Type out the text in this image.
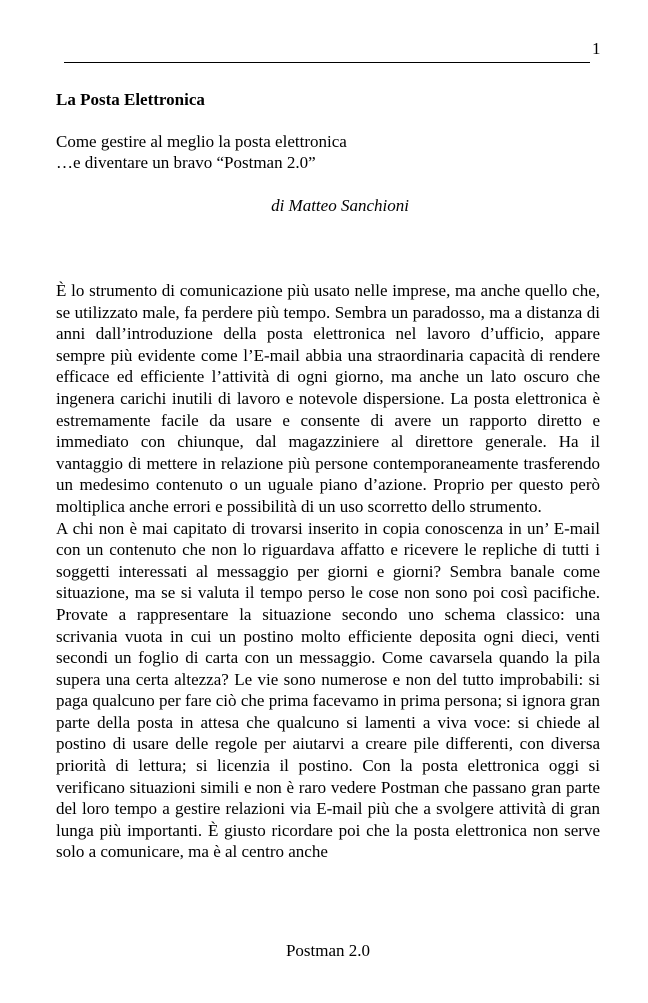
1
La Posta Elettronica
Come gestire al meglio la posta elettronica
…e diventare un bravo “Postman 2.0”
di Matteo Sanchioni

È lo strumento di comunicazione più usato nelle imprese, ma anche quello che, se utilizzato male, fa perdere più tempo. Sembra un paradosso, ma a distanza di anni dall’introduzione della posta elettronica nel lavoro d’ufficio, appare sempre più evidente come l’E-mail abbia una straordinaria capacità di rendere efficace ed efficiente l’attività di ogni giorno, ma anche un lato oscuro che ingenera carichi inutili di lavoro e notevole dispersione. La posta elettronica è estremamente facile da usare e consente di avere un rapporto diretto e immediato con chiunque, dal magazziniere al direttore generale. Ha il vantaggio di mettere in relazione più persone contemporaneamente trasferendo un medesimo contenuto o un uguale piano d’azione. Proprio per questo però moltiplica anche errori e possibilità di un uso scorretto dello strumento.

A chi non è mai capitato di trovarsi inserito in copia conoscenza in un’ E-mail con un contenuto che non lo riguardava affatto e ricevere le repliche di tutti i soggetti interessati al messaggio per giorni e giorni? Sembra banale come situazione, ma se si valuta il tempo perso le cose non sono poi così pacifiche. Provate a rappresentare la situazione secondo uno schema classico: una scrivania vuota in cui un postino molto efficiente deposita ogni dieci, venti secondi un foglio di carta con un messaggio. Come cavarsela quando la pila supera una certa altezza? Le vie sono numerose e non del tutto improbabili: si paga qualcuno per fare ciò che prima facevamo in prima persona; si ignora gran parte della posta in attesa che qualcuno si lamenti a viva voce: si chiede al postino di usare delle regole per aiutarvi a creare pile differenti, con diversa priorità di lettura; si licenzia il postino. Con la posta elettronica oggi si verificano situazioni simili e non è raro vedere Postman che passano gran parte del loro tempo a gestire relazioni via E-mail più che a svolgere attività di gran lunga più importanti. È giusto ricordare poi che la posta elettronica non serve solo a comunicare, ma è al centro anche

Postman 2.0
